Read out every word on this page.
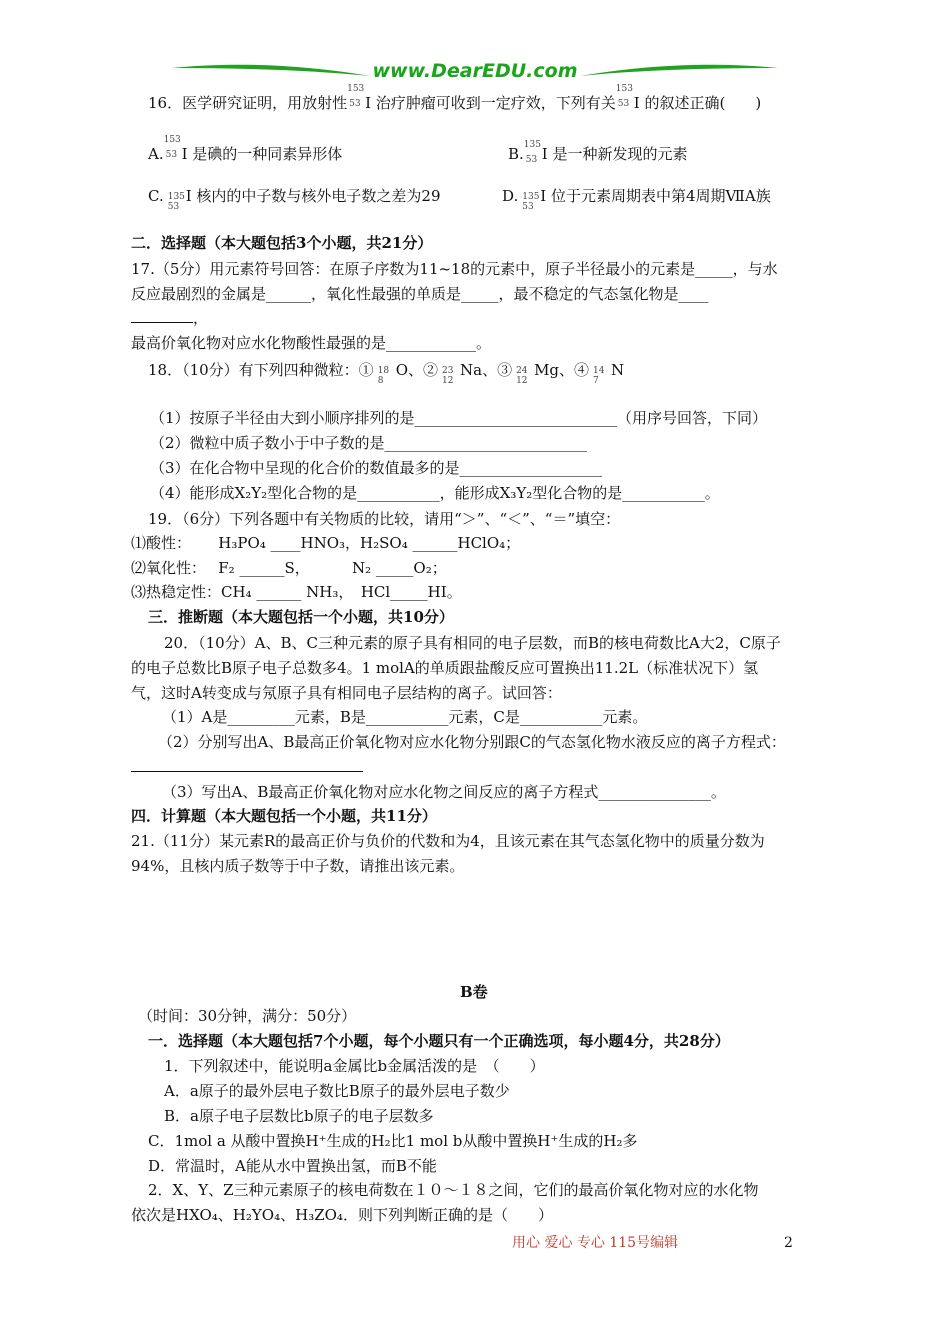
www.DearEDU.com
16．医学研究证明，用放射性
153
53 I 治疗肿瘤可收到一定疗效，下列有关
153
53 I 的叙述正确(　　)
A.
153
53 I 是碘的一种同素异形体	B. 135
53 I 是一种新发现的元素
C. 135
53
I 核内的中子数与核外电子数之差为29	D. 135
53
I 位于元素周期表中第4周期ⅦA族
二．选择题（本大题包括3个小题，共21分）
17.（5分）用元素符号回答：在原子序数为11~18的元素中，原子半径最小的元素是_____，与水
反应最剧烈的金属是______，氧化性最强的单质是_____，最不稳定的气态氢化物是____
，
最高价氧化物对应水化物酸性最强的是____________。
18．（10分）有下列四种微粒：① 18
8
O、② 23
12
Na、③ 24
12
Mg、④ 14
7
N
（1）按原子半径由大到小顺序排列的是___________________________（用序号回答，下同）
（2）微粒中质子数小于中子数的是___________________________
（3）在化合物中呈现的化合价的数值最多的是___________________
（4）能形成X₂Y₂型化合物的是___________，能形成X₃Y₂型化合物的是___________。
19．（6分）下列各题中有关物质的比较，请用“＞”、“＜”、“＝”填空：
⑴酸性：　　 H₃PO₄ ____HNO₃，H₂SO₄ ______HClO₄；
⑵氧化性：　 F₂ ______S，　　　 N₂ _____O₂；
⑶热稳定性：CH₄ ______ NH₃，　HCl_____HI。
三．推断题（本大题包括一个小题，共10分）
20．（10分）A、B、C三种元素的原子具有相同的电子层数，而B的核电荷数比A大2，C原子
的电子总数比B原子电子总数多4。1 molA的单质跟盐酸反应可置换出11.2L（标准状况下）氢
气，这时A转变成与氖原子具有相同电子层结构的离子。试回答：
（1）A是_________元素，B是___________元素，C是___________元素。
（2）分别写出A、B最高正价氧化物对应水化物分别跟C的气态氢化物水液反应的离子方程式：
（3）写出A、B最高正价氧化物对应水化物之间反应的离子方程式_______________。
四．计算题（本大题包括一个小题，共11分）
21.（11分）某元素R的最高正价与负价的代数和为4，且该元素在其气态氢化物中的质量分数为
94%，且核内质子数等于中子数，请推出该元素。
B卷
（时间：30分钟，满分：50分）
一．选择题（本大题包括7个小题，每个小题只有一个正确选项，每小题4分，共28分）
1．下列叙述中，能说明a金属比b金属活泼的是　（　　）
A．a原子的最外层电子数比B原子的最外层电子数少
B．a原子电子层数比b原子的电子层数多
C．1mol a 从酸中置换H⁺生成的H₂比1 mol b从酸中置换H⁺生成的H₂多
D．常温时，A能从水中置换出氢，而B不能
2．X、Y、Z三种元素原子的核电荷数在１０～１８之间，它们的最高价氧化物对应的水化物
依次是HXO₄、H₂YO₄、H₃ZO₄．则下列判断正确的是（　　）
用心 爱心 专心 115号编辑	2
